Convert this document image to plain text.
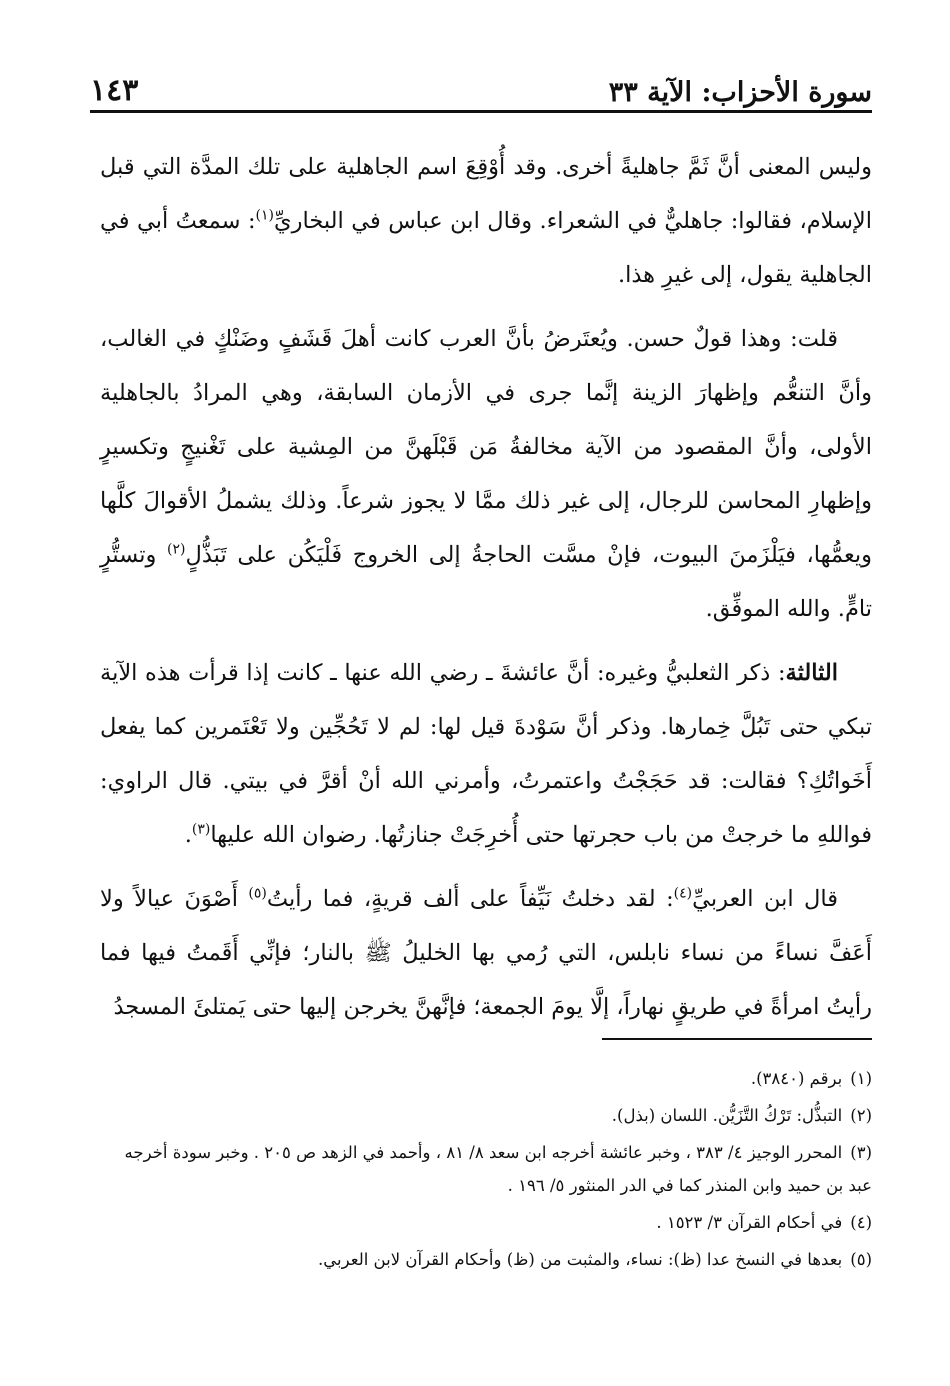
سورة الأحزاب: الآية ٣٣
١٤٣

وليس المعنى أنَّ ثَمَّ جاهليةً أخرى. وقد أُوْقِعَ اسم الجاهلية على تلك المدَّة التي قبل الإسلام، فقالوا: جاهليٌّ في الشعراء. وقال ابن عباس في البخاريِّ$^{(١)}$: سمعتُ أبي في الجاهلية يقول، إلى غيرِ هذا.

قلت: وهذا قولٌ حسن. ويُعتَرضُ بأنَّ العرب كانت أهلَ قَشَفٍ وضَنْكٍ في الغالب، وأنَّ التنعُّم وإظهارَ الزينة إنَّما جرى في الأزمان السابقة، وهي المرادُ بالجاهلية الأولى، وأنَّ المقصود من الآية مخالفةُ مَن قَبْلَهنَّ من المِشية على تَغْنيجٍ وتكسيرٍ وإظهارِ المحاسن للرجال، إلى غير ذلك ممَّا لا يجوز شرعاً. وذلك يشملُ الأقوالَ كلَّها ويعمُّها، فيَلْزَمنَ البيوت، فإنْ مسَّت الحاجةُ إلى الخروج فَلْيَكُن على تَبَذُّلٍ$^{(٢)}$ وتستُّرٍ تامٍّ. والله الموفِّق.

الثالثة: ذكر الثعلبيُّ وغيره: أنَّ عائشةَ ـ رضي الله عنها ـ كانت إذا قرأت هذه الآية تبكي حتى تَبُلَّ خِمارها. وذكر أنَّ سَوْدةَ قيل لها: لم لا تَحُجِّين ولا تَعْتَمرين كما يفعل أَخَواتُكِ؟ فقالت: قد حَجَجْتُ واعتمرتُ، وأمرني الله أنْ أقرَّ في بيتي. قال الراوي: فواللهِ ما خرجتْ من باب حجرتها حتى أُخرِجَتْ جنازتُها. رضوان الله عليها$^{(٣)}$.

قال ابن العربيِّ$^{(٤)}$: لقد دخلتُ نَيِّفاً على ألف قريةٍ، فما رأيتُ$^{(٥)}$ أَصْوَنَ عيالاً ولا أَعَفَّ نساءً من نساء نابلس، التي رُمي بها الخليلُ ﷺ بالنار؛ فإنِّي أَقَمتُ فيها فما رأيتُ امرأةً في طريقٍ نهاراً، إلَّا يومَ الجمعة؛ فإنَّهنَّ يخرجن إليها حتى يَمتلئَ المسجدُ

(١)برقم (٣٨٤٠).
(٢)التبذُّل: تَرْكُ التَّزَيُّن. اللسان (بذل).
(٣)المحرر الوجيز ٤/ ٣٨٣ ، وخبر عائشة أخرجه ابن سعد ٨/ ٨١ ، وأحمد في الزهد ص ٢٠٥ . وخبر سودة أخرجه عبد بن حميد وابن المنذر كما في الدر المنثور ٥/ ١٩٦ .
(٤)في أحكام القرآن ٣/ ١٥٢٣ .
(٥)بعدها في النسخ عدا (ظ): نساء، والمثبت من (ظ) وأحكام القرآن لابن العربي.
